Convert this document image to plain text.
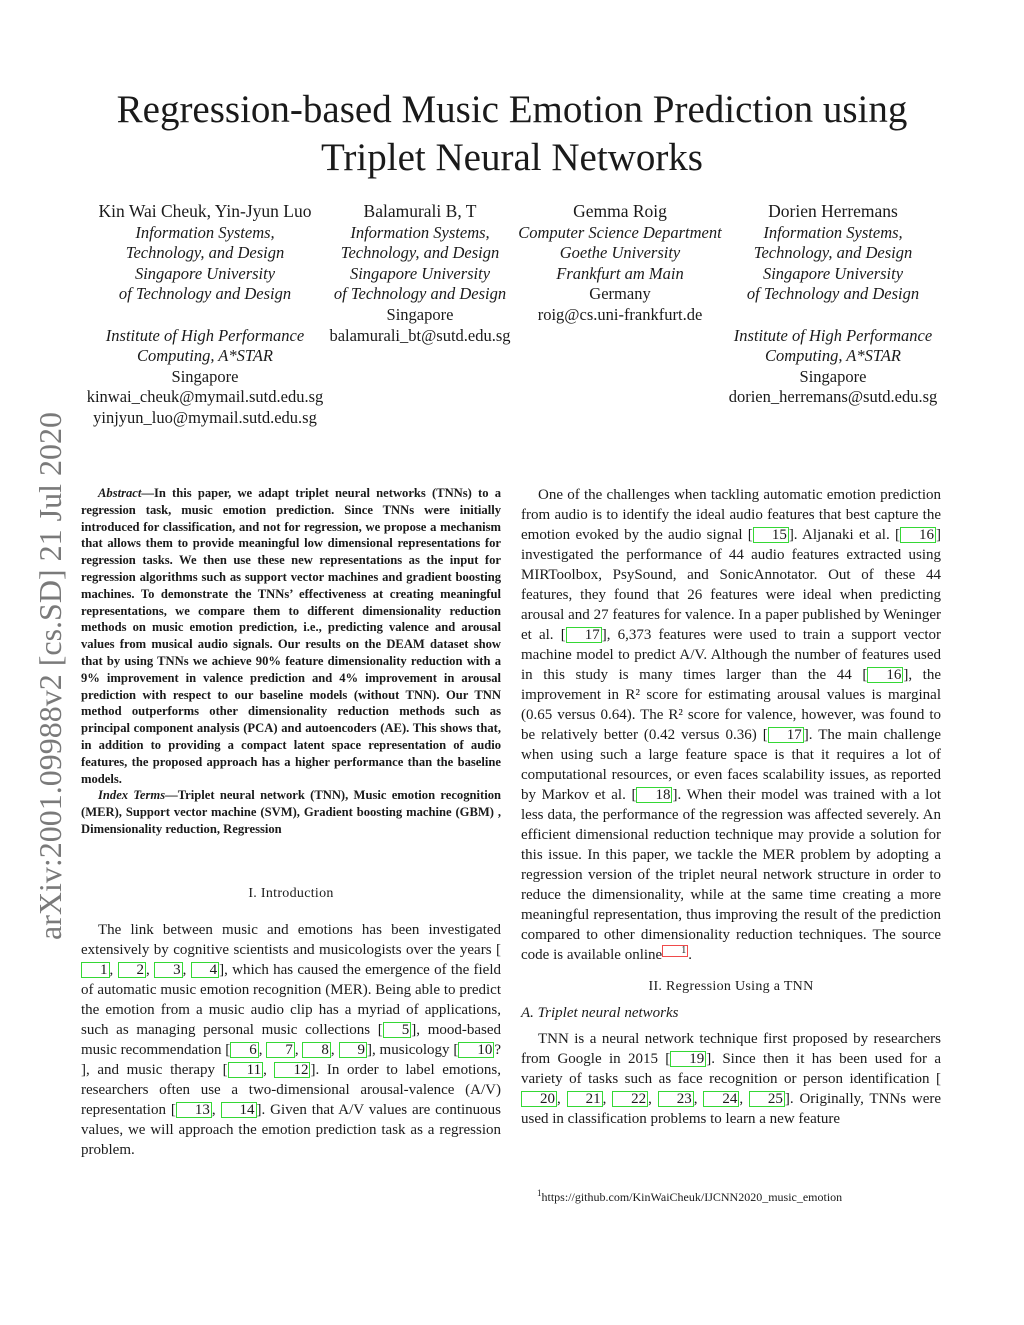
Regression-based Music Emotion Prediction using Triplet Neural Networks
arXiv:2001.09988v2 [cs.SD] 21 Jul 2020
Kin Wai Cheuk, Yin-Jyun Luo
Information Systems,
Technology, and Design
Singapore University
of Technology and Design
Institute of High Performance
Computing, A*STAR
Singapore
kinwai_cheuk@mymail.sutd.edu.sg
yinjyun_luo@mymail.sutd.edu.sg
Balamurali B, T
Information Systems,
Technology, and Design
Singapore University
of Technology and Design
Singapore
balamurali_bt@sutd.edu.sg
Gemma Roig
Computer Science Department
Goethe University
Frankfurt am Main
Germany
roig@cs.uni-frankfurt.de
Dorien Herremans
Information Systems,
Technology, and Design
Singapore University
of Technology and Design
Institute of High Performance
Computing, A*STAR
Singapore
dorien_herremans@sutd.edu.sg
Abstract—In this paper, we adapt triplet neural networks (TNNs) to a regression task, music emotion prediction. Since TNNs were initially introduced for classification, and not for regression, we propose a mechanism that allows them to provide meaningful low dimensional representations for regression tasks. We then use these new representations as the input for regression algorithms such as support vector machines and gradient boosting machines. To demonstrate the TNNs’ effectiveness at creating meaningful representations, we compare them to different dimensionality reduction methods on music emotion prediction, i.e., predicting valence and arousal values from musical audio signals. Our results on the DEAM dataset show that by using TNNs we achieve 90% feature dimensionality reduction with a 9% improvement in valence prediction and 4% improvement in arousal prediction with respect to our baseline models (without TNN). Our TNN method outperforms other dimensionality reduction methods such as principal component analysis (PCA) and autoencoders (AE). This shows that, in addition to providing a compact latent space representation of audio features, the proposed approach has a higher performance than the baseline models.
Index Terms—Triplet neural network (TNN), Music emotion recognition (MER), Support vector machine (SVM), Gradient boosting machine (GBM) , Dimensionality reduction, Regression
I. Introduction

The link between music and emotions has been investigated extensively by cognitive scientists and musicologists over the years [1 , 2 , 3 , 4 ], which has caused the emergence of the field of automatic music emotion recognition (MER). Being able to predict the emotion from a music audio clip has a myriad of applications, such as managing personal music collections [ 5 ], mood-based music recommendation [ 6 , 7 , 8 , 9 ], musicology [ 10 ? ], and music therapy [ 11 , 12 ]. In order to label emotions, researchers often use a two-dimensional arousal-valence (A/V) representation [ 13 , 14 ]. Given that A/V values are continuous values, we will approach the emotion prediction task as a regression problem.

One of the challenges when tackling automatic emotion prediction from audio is to identify the ideal audio features that best capture the emotion evoked by the audio signal [ 15 ]. Aljanaki et al. [ 16 ] investigated the performance of 44 audio features extracted using MIRToolbox, PsySound, and SonicAnnotator. Out of these 44 features, they found that 26 features were ideal when predicting arousal and 27 features for valence. In a paper published by Weninger et al. [ 17 ], 6,373 features were used to train a support vector machine model to predict A/V. Although the number of features used in this study is many times larger than the 44 [ 16 ], the improvement in R² score for estimating arousal values is marginal (0.65 versus 0.64). The R² score for valence, however, was found to be relatively better (0.42 versus 0.36) [ 17 ]. The main challenge when using such a large feature space is that it requires a lot of computational resources, or even faces scalability issues, as reported by Markov et al. [ 18 ]. When their model was trained with a lot less data, the performance of the regression was affected severely. An efficient dimensional reduction technique may provide a solution for this issue. In this paper, we tackle the MER problem by adopting a regression version of the triplet neural network structure in order to reduce the dimensionality, while at the same time creating a more meaningful representation, thus improving the result of the prediction compared to other dimensionality reduction techniques. The source code is available online 1 .

II. Regression Using a TNN
A. Triplet neural networks

TNN is a neural network technique first proposed by researchers from Google in 2015 [ 19 ]. Since then it has been used for a variety of tasks such as face recognition or person identification [20 , 21 , 22 , 23 , 24 , 25 ]. Originally, TNNs were used in classification problems to learn a new feature

$^1$https://github.com/KinWaiCheuk/IJCNN2020_music_emotion
